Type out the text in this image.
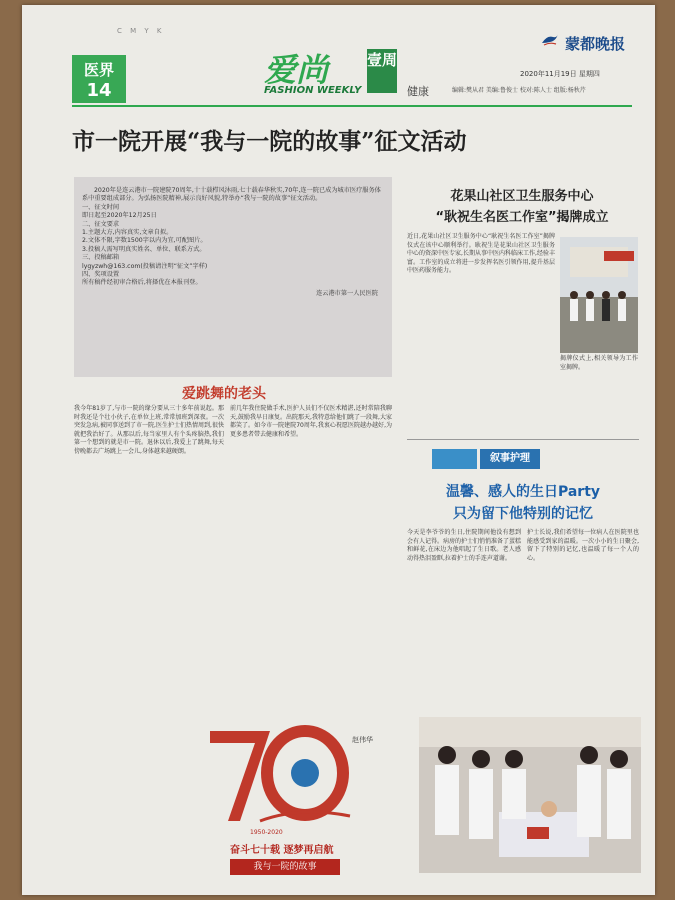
C M Y K
蒙都晚报
医界
14
爱尚
FASHION WEEKLY
壹周
健康
2020年11月19日 星期四
编辑:樊从君 美编:鲁俊士 校对:陈人士 组版:杨秋芹
市一院开展“我与一院的故事”征文活动

2020年是连云港市一院建院70周年,十十载栉风沐雨,七十载春华秋实,70年,连一院已成为城市医疗服务体系中重要组成部分。为弘扬医院精神,展示良好风貌,特举办“我与一院的故事”征文活动。

一、征文时间

即日起至2020年12月25日

二、征文要求

1.主题大方,内容真实,文章自拟。

2.文体不限,字数1500字以内为宜,可配图片。

3.投稿人需写明真实姓名、单位、联系方式。

三、投稿邮箱

lygyzwh@163.com(投稿请注明“征文”字样)

四、奖项设置

所有稿件经初审合格后,将择优在本报刊登。

连云港市第一人民医院

爱跳舞的老头
我今年81岁了,与市一院的缘分要从三十多年前说起。那时我还是个壮小伙子,在单位上班,常常加班到深夜。一次突发急病,被同事送到了市一院,医生护士们热情周到,很快就把我治好了。从那以后,每当家里人有个头疼脑热,我们第一个想到的就是市一院。退休以后,我爱上了跳舞,每天傍晚都去广场跳上一会儿,身体越来越硬朗。
前几年我住院做手术,医护人员们不仅医术精湛,还时常陪我聊天,鼓励我早日康复。出院那天,我特意给他们跳了一段舞,大家都笑了。如今市一院建院70周年,我衷心祝愿医院越办越好,为更多患者带去健康和希望。
赵伟华
1950-2020
奋斗七十载 逐梦再启航
我与一院的故事
花果山社区卫生服务中心
“耿祝生名医工作室”揭牌成立
近日,花果山社区卫生服务中心“耿祝生名医工作室”揭牌仪式在该中心顺利举行。耿祝生是花果山社区卫生服务中心的资深中医专家,长期从事中医内科临床工作,经验丰富。工作室的成立将进一步发挥名医引领作用,提升基层中医药服务能力。
揭牌仪式上,相关领导为工作室揭牌。
叙事护理
温馨、感人的生日Party
只为留下他特别的记忆
今天是李爷爷的生日,住院期间他没有想到会有人记得。病房的护士们悄悄准备了蛋糕和鲜花,在床边为他唱起了生日歌。老人感动得热泪盈眶,拉着护士的手连声道谢。
护士长说,我们希望每一位病人在医院里也能感受到家的温暖。一次小小的生日聚会,留下了特别的记忆,也温暖了每一个人的心。
